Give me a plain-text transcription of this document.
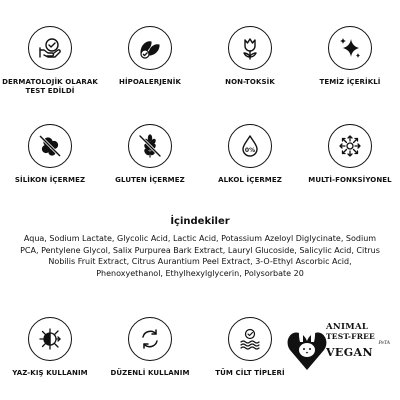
DERMATOLOJİK OLARAK TEST EDİLDİ
HİPOALERJENİK	NON-TOKSİK	TEMİZ İÇERİKLİ
SİLİKON İÇERMEZ	GLUTEN İÇERMEZ
0%
ALKOL İÇERMEZ	MULTİ-FONKSİYONEL
İçindekiler
Aqua, Sodium Lactate, Glycolic Acid, Lactic Acid, Potassium Azeloyl Diglycinate, Sodium PCA, Pentylene Glycol, Salix Purpurea Bark Extract, Lauryl Glucoside, Salicylic Acid, Citrus Nobilis Fruit Extract, Citrus Aurantium Peel Extract, 3-O-Ethyl Ascorbic Acid, Phenoxyethanol, Ethylhexylglycerin, Polysorbate 20
YAZ-KIŞ KULLANIM	DÜZENLİ KULLANIM	TÜM CİLT TİPLERİ
ANIMAL
TEST-FREE
PeTA
VEGAN
